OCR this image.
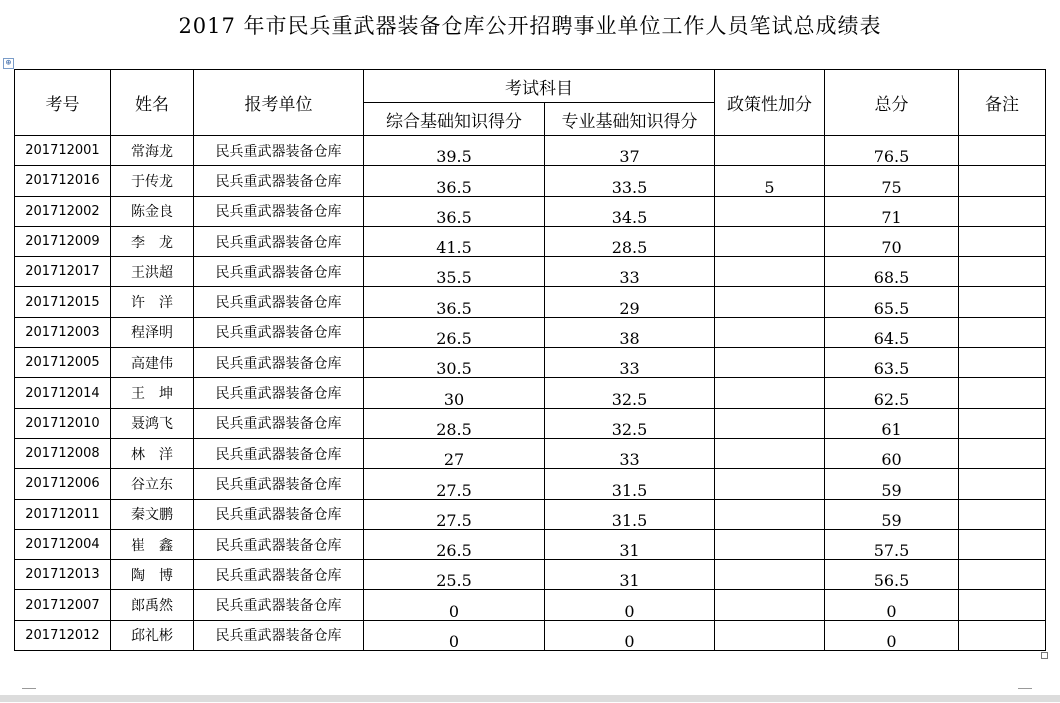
2017 年市民兵重武器装备仓库公开招聘事业单位工作人员笔试总成绩表
⊕
考号	姓名	报考单位	考试科目		政策性加分	总分	备注
			综合基础知识得分	专业基础知识得分			
201712001	常海龙	民兵重武器装备仓库	39.5	37		76.5	
201712016	于传龙	民兵重武器装备仓库	36.5	33.5	5	75	
201712002	陈金良	民兵重武器装备仓库	36.5	34.5		71	
201712009	李　龙	民兵重武器装备仓库	41.5	28.5		70	
201712017	王洪超	民兵重武器装备仓库	35.5	33		68.5	
201712015	许　洋	民兵重武器装备仓库	36.5	29		65.5	
201712003	程泽明	民兵重武器装备仓库	26.5	38		64.5	
201712005	高建伟	民兵重武器装备仓库	30.5	33		63.5	
201712014	王　坤	民兵重武器装备仓库	30	32.5		62.5	
201712010	聂鸿飞	民兵重武器装备仓库	28.5	32.5		61	
201712008	林　洋	民兵重武器装备仓库	27	33		60	
201712006	谷立东	民兵重武器装备仓库	27.5	31.5		59	
201712011	秦文鹏	民兵重武器装备仓库	27.5	31.5		59	
201712004	崔　鑫	民兵重武器装备仓库	26.5	31		57.5	
201712013	陶　博	民兵重武器装备仓库	25.5	31		56.5	
201712007	郎禹然	民兵重武器装备仓库	0	0		0	
201712012	邱礼彬	民兵重武器装备仓库	0	0		0	
